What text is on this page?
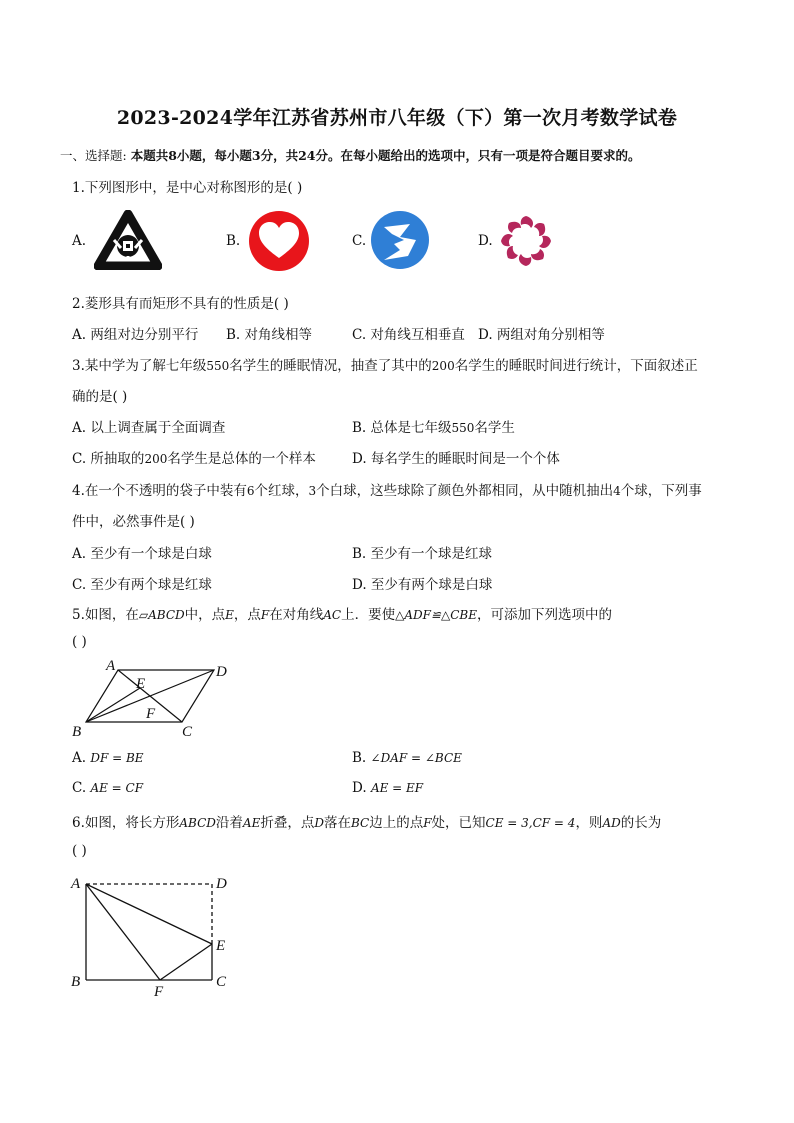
2023-2024学年江苏省苏州市八年级（下）第一次月考数学试卷
一、选择题: 本题共8小题，每小题3分，共24分。在每小题给出的选项中，只有一项是符合题目要求的。
1.下列图形中，是中心对称图形的是( )
A.	B.	C.	D.
2.菱形具有而矩形不具有的性质是( )
A. 两组对边分别平行 B. 对角线相等	C. 对角线互相垂直 D. 两组对角分别相等
3.某中学为了解七年级550名学生的睡眠情况，抽查了其中的200名学生的睡眠时间进行统计，下面叙述正
确的是( )
A. 以上调查属于全面调查	B. 总体是七年级550名学生
C. 所抽取的200名学生是总体的一个样本	D. 每名学生的睡眠时间是一个个体
4.在一个不透明的袋子中装有6个红球，3个白球，这些球除了颜色外都相同，从中随机抽出4个球，下列事
件中，必然事件是( )
A. 至少有一个球是白球	B. 至少有一个球是红球
C. 至少有两个球是红球	D. 至少有两个球是白球
5.如图，在▱ABCD中，点E，点F在对角线AC上．要使△ADF≌△CBE，可添加下列选项中的
( )
A	D
E
F
B	C
A. DF = BE	B. ∠DAF = ∠BCE
C. AE = CF	D. AE = EF
6.如图，将长方形ABCD沿着AE折叠，点D落在BC边上的点F处，已知CE = 3,CF = 4，则AD的长为
( )
A	D
E
B
F
C
